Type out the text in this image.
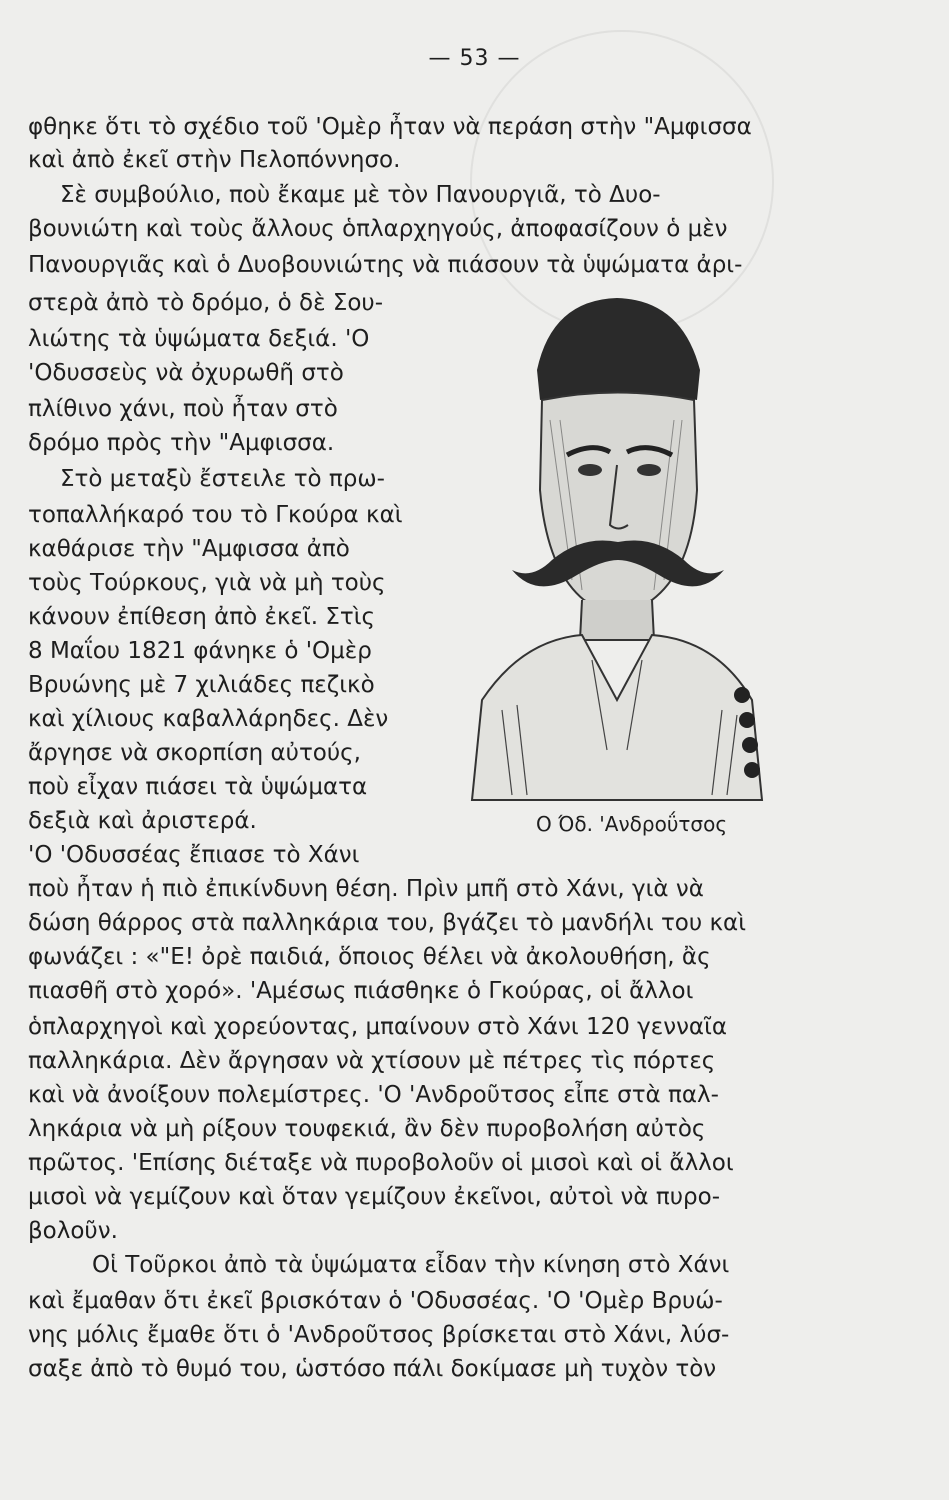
— 53 —
φθηκε ὅτι τὸ σχέδιο τοῦ 'Ομὲρ ἦταν νὰ περάση στὴν "Αμφισσα
καὶ ἀπὸ ἐκεῖ στὴν Πελοπόννησο.
Σὲ συμβούλιο, ποὺ ἔκαμε μὲ τὸν Πανουργιᾶ, τὸ Δυο-
βουνιώτη καὶ τοὺς ἄλλους ὁπλαρχηγούς, ἀποφασίζουν ὁ μὲν
Πανουργιᾶς καὶ ὁ Δυοβουνιώτης νὰ πιάσουν τὰ ὑψώματα ἀρι-
στερὰ ἀπὸ τὸ δρόμο, ὁ δὲ Σου-
λιώτης τὰ ὑψώματα δεξιά. 'Ο
'Οδυσσεὺς νὰ ὀχυρωθῆ στὸ
πλίθινο χάνι, ποὺ ἦταν στὸ
δρόμο πρὸς τὴν "Αμφισσα.
Στὸ μεταξὺ ἔστειλε τὸ πρω-
τοπαλλήκαρό του τὸ Γκούρα καὶ
καθάρισε τὴν "Αμφισσα ἀπὸ
τοὺς Τούρκους, γιὰ νὰ μὴ τοὺς
κάνουν ἐπίθεση ἀπὸ ἐκεῖ. Στὶς
8 Μαΐου 1821 φάνηκε ὁ 'Ομὲρ
Βρυώνης μὲ 7 χιλιάδες πεζικὸ
καὶ χίλιους καβαλλάρηδες. Δὲν
ἄργησε νὰ σκορπίση αὐτούς,
ποὺ εἶχαν πιάσει τὰ ὑψώματα
δεξιὰ καὶ ἀριστερά.
'Ο 'Οδυσσέας ἔπιασε τὸ Χάνι
ποὺ ἦταν ἡ πιὸ ἐπικίνδυνη θέση. Πρὶν μπῆ στὸ Χάνι, γιὰ νὰ
δώση θάρρος στὰ παλληκάρια του, βγάζει τὸ μανδήλι του καὶ
φωνάζει : «"Ε! ὀρὲ παιδιά, ὅποιος θέλει νὰ ἀκολουθήση, ἂς
πιασθῆ στὸ χορό». 'Αμέσως πιάσθηκε ὁ Γκούρας, οἱ ἄλλοι
ὁπλαρχηγοὶ καὶ χορεύοντας, μπαίνουν στὸ Χάνι 120 γενναῖα
παλληκάρια. Δὲν ἄργησαν νὰ χτίσουν μὲ πέτρες τὶς πόρτες
καὶ νὰ ἀνοίξουν πολεμίστρες. 'Ο 'Ανδροῦτσος εἶπε στὰ παλ-
ληκάρια νὰ μὴ ρίξουν τουφεκιά, ἂν δὲν πυροβολήση αὐτὸς
πρῶτος. 'Επίσης διέταξε νὰ πυροβολοῦν οἱ μισοὶ καὶ οἱ ἄλλοι
μισοὶ νὰ γεμίζουν καὶ ὅταν γεμίζουν ἐκεῖνοι, αὐτοὶ νὰ πυρο-
βολοῦν.
Οἱ Τοῦρκοι ἀπὸ τὰ ὑψώματα εἶδαν τὴν κίνηση στὸ Χάνι
καὶ ἔμαθαν ὅτι ἐκεῖ βρισκόταν ὁ 'Οδυσσέας. 'Ο 'Ομὲρ Βρυώ-
νης μόλις ἔμαθε ὅτι ὁ 'Ανδροῦτσος βρίσκεται στὸ Χάνι, λύσ-
σαξε ἀπὸ τὸ θυμό του, ὡστόσο πάλι δοκίμασε μὴ τυχὸν τὸν
Ο Όδ. 'Ανδροΰτσος
